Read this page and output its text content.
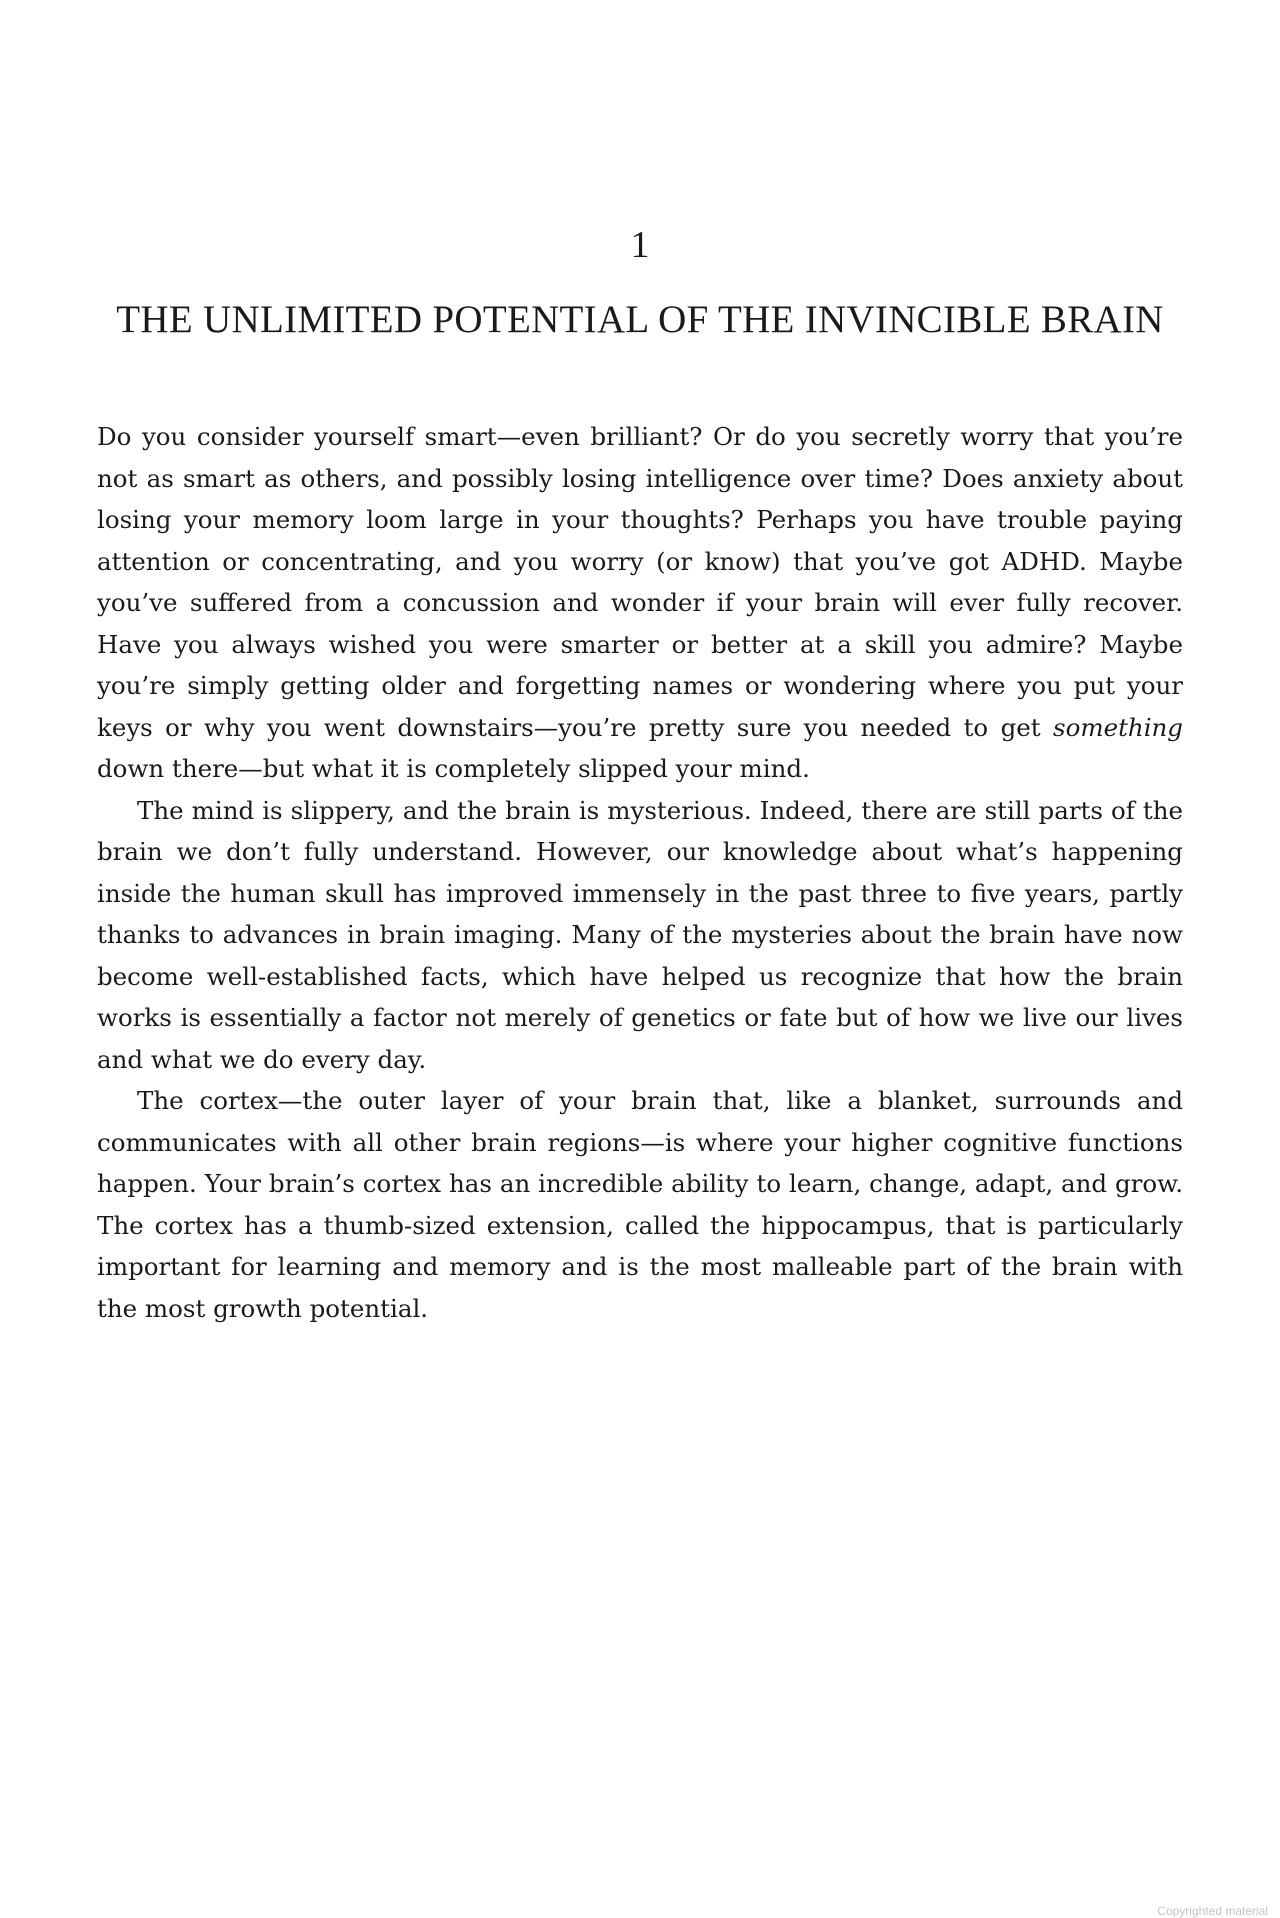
1
THE UNLIMITED POTENTIAL OF THE INVINCIBLE BRAIN

Do you consider yourself smart—even brilliant? Or do you secretly worry that you’re not as smart as others, and possibly losing intelligence over time? Does anxiety about losing your memory loom large in your thoughts? Perhaps you have trouble paying attention or concentrating, and you worry (or know) that you’ve got ADHD. Maybe you’ve suffered from a concussion and wonder if your brain will ever fully recover. Have you always wished you were smarter or better at a skill you admire? Maybe you’re simply getting older and forgetting names or wondering where you put your keys or why you went downstairs—you’re pretty sure you needed to get something down there—but what it is completely slipped your mind.

The mind is slippery, and the brain is mysterious. Indeed, there are still parts of the brain we don’t fully understand. However, our knowledge about what’s happening inside the human skull has improved immensely in the past three to five years, partly thanks to advances in brain imaging. Many of the mysteries about the brain have now become well-established facts, which have helped us recognize that how the brain works is essentially a factor not merely of genetics or fate but of how we live our lives and what we do every day.

The cortex—the outer layer of your brain that, like a blanket, surrounds and communicates with all other brain regions—is where your higher cognitive functions happen. Your brain’s cortex has an incredible ability to learn, change, adapt, and grow. The cortex has a thumb-sized extension, called the hippocampus, that is particularly important for learning and memory and is the most malleable part of the brain with the most growth potential.

Copyrighted material
